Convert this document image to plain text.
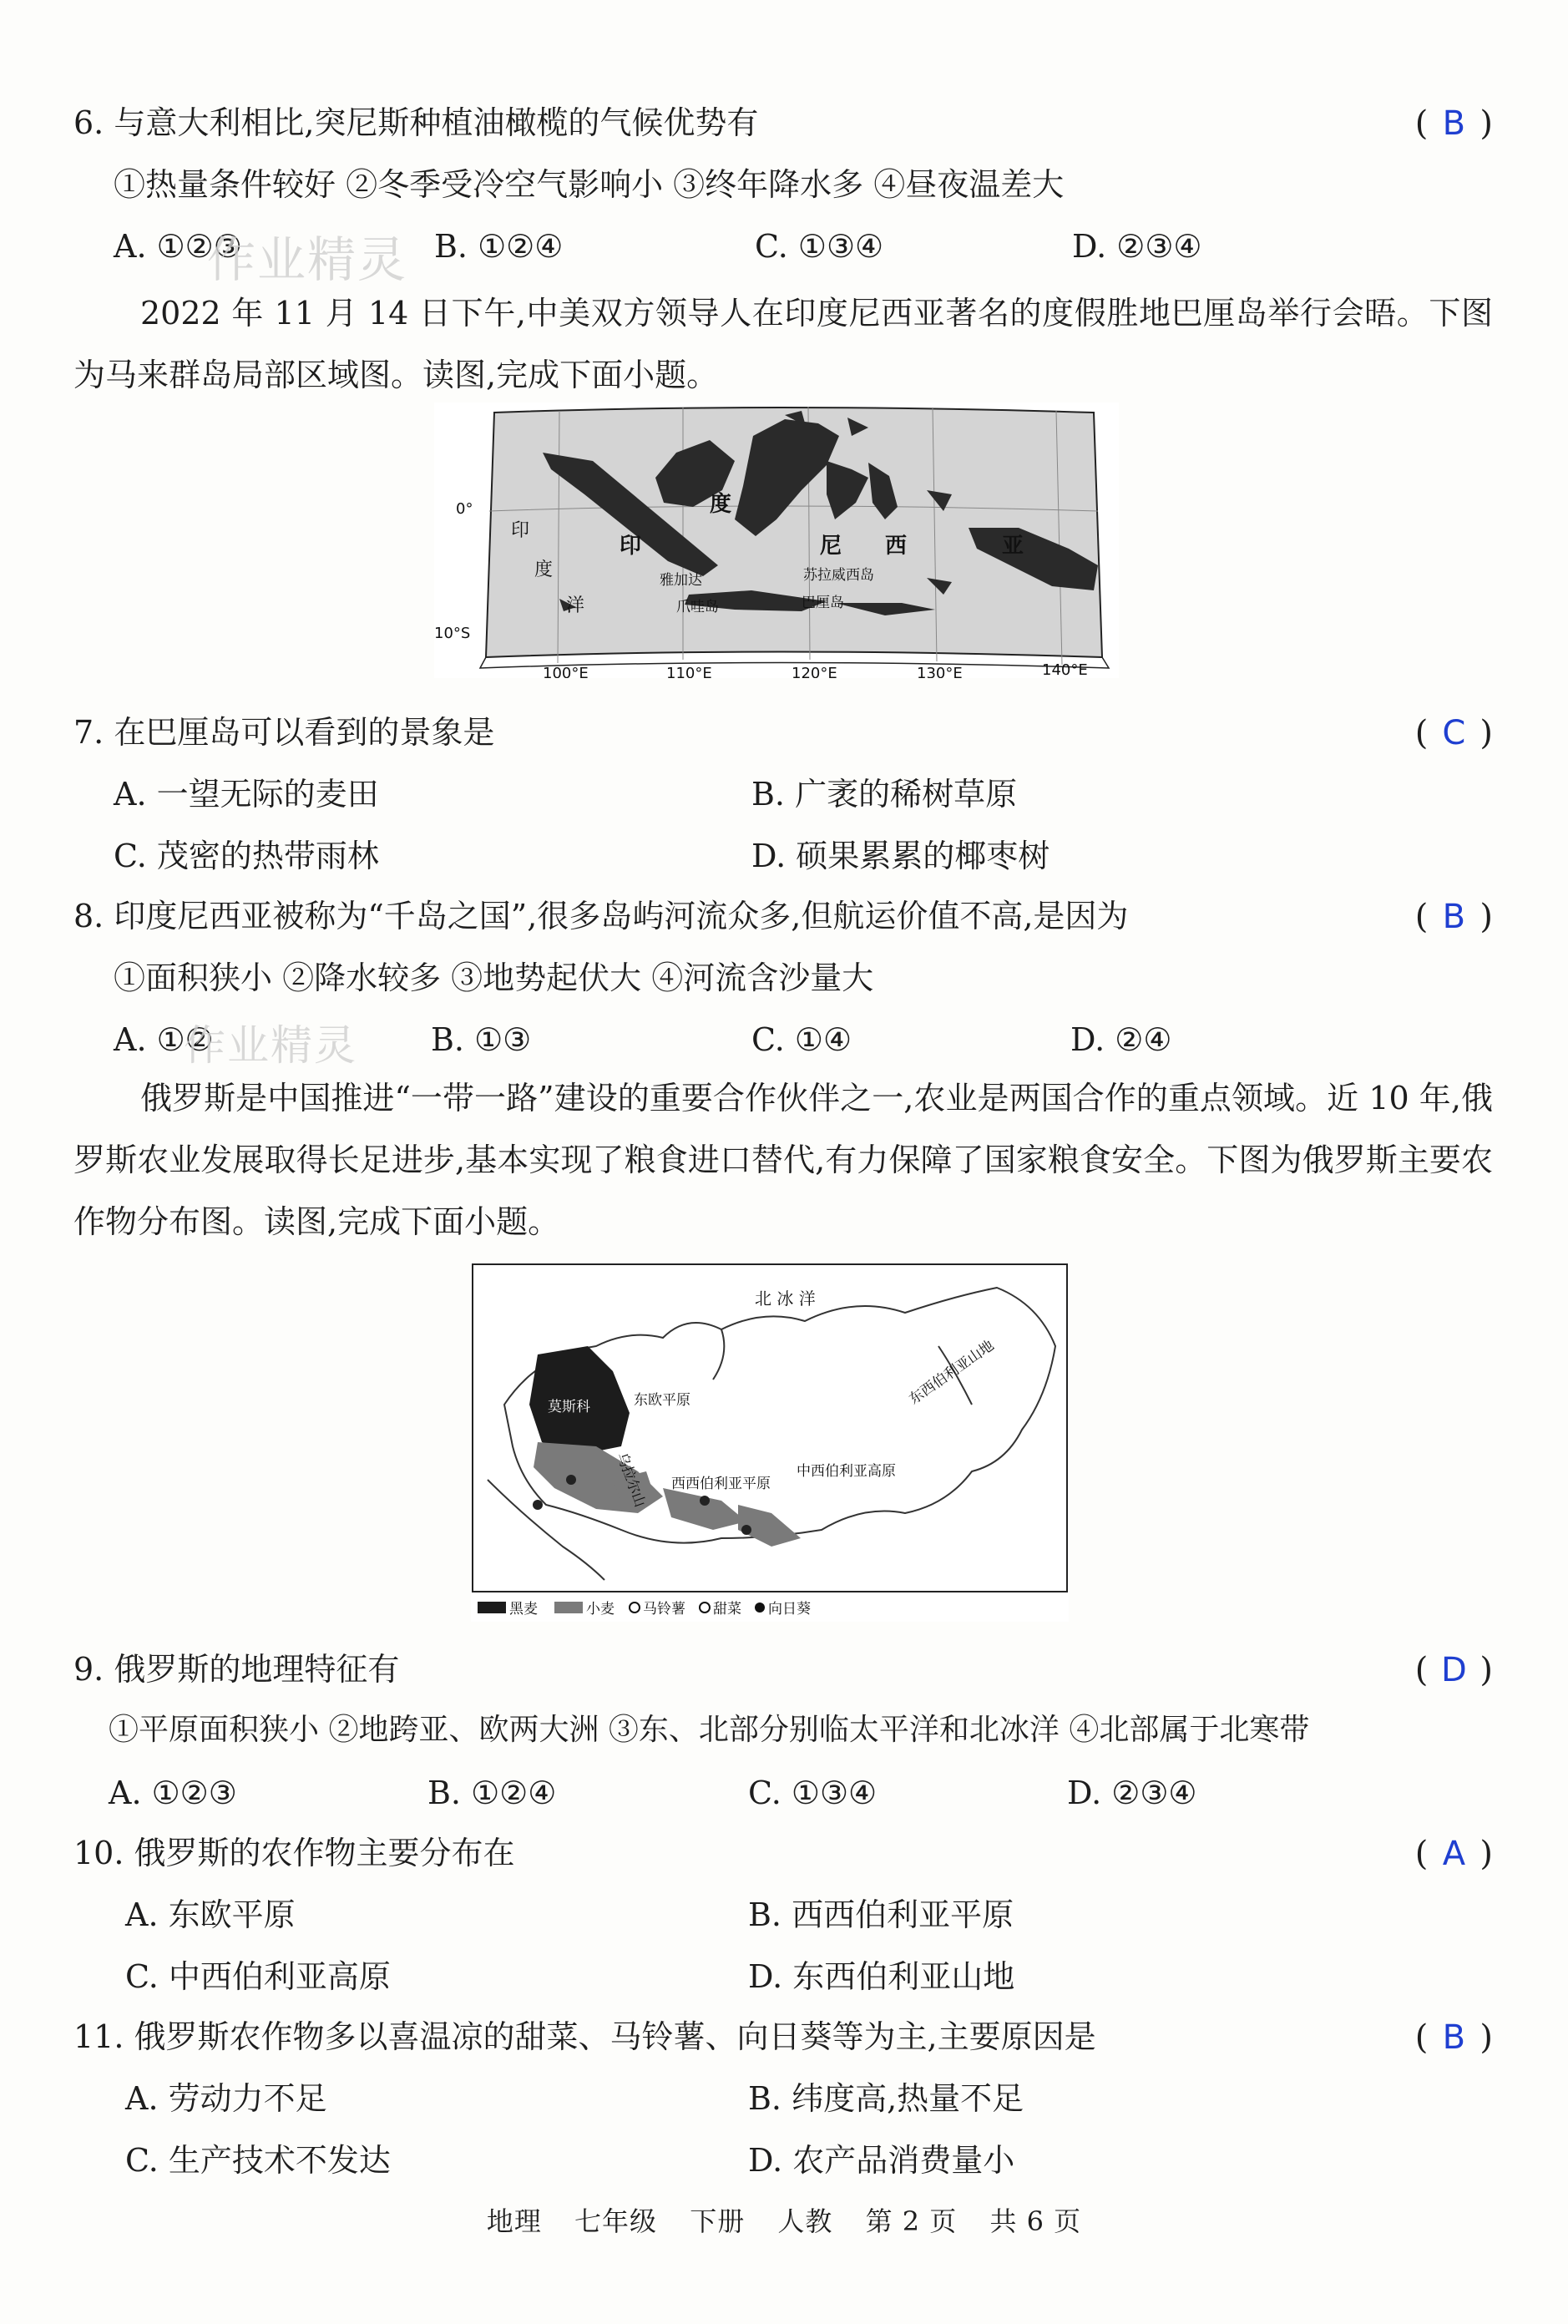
6. 与意大利相比,突尼斯种植油橄榄的气候优势有	( B )
①热量条件较好 ②冬季受冷空气影响小 ③终年降水多 ④昼夜温差大
A. ①②③	B. ①②④	C. ①③④	D. ②③④
作业精灵
2022 年 11 月 14 日下午,中美双方领导人在印度尼西亚著名的度假胜地巴厘岛举行会晤。下图为马来群岛局部区域图。读图,完成下面小题。
0°
10°S
100°E	110°E	120°E	130°E	140°E
印
度
尼 西	亚
印
度
洋
雅加达
爪哇岛
苏拉威西岛
巴厘岛
7. 在巴厘岛可以看到的景象是	( C )
A. 一望无际的麦田	B. 广袤的稀树草原
C. 茂密的热带雨林	D. 硕果累累的椰枣树
8. 印度尼西亚被称为“千岛之国”,很多岛屿河流众多,但航运价值不高,是因为	( B )
①面积狭小 ②降水较多 ③地势起伏大 ④河流含沙量大
A. ①②	B. ①③	C. ①④	D. ②④
作业精灵
俄罗斯是中国推进“一带一路”建设的重要合作伙伴之一,农业是两国合作的重点领域。近 10 年,俄罗斯农业发展取得长足进步,基本实现了粮食进口替代,有力保障了国家粮食安全。下图为俄罗斯主要农作物分布图。读图,完成下面小题。
北 冰 洋
东欧平原
西西伯利亚平原
中西伯利亚高原
东西伯利亚山地
乌拉尔山
莫斯科
黑麦	小麦 马铃薯 甜菜 向日葵
9. 俄罗斯的地理特征有	( D )
①平原面积狭小 ②地跨亚、欧两大洲 ③东、北部分别临太平洋和北冰洋 ④北部属于北寒带
A. ①②③	B. ①②④	C. ①③④	D. ②③④
10. 俄罗斯的农作物主要分布在	( A )
A. 东欧平原	B. 西西伯利亚平原
C. 中西伯利亚高原	D. 东西伯利亚山地
11. 俄罗斯农作物多以喜温凉的甜菜、马铃薯、向日葵等为主,主要原因是	( B )
A. 劳动力不足	B. 纬度高,热量不足
C. 生产技术不发达	D. 农产品消费量小
地理 七年级 下册 人教 第 2 页 共 6 页
